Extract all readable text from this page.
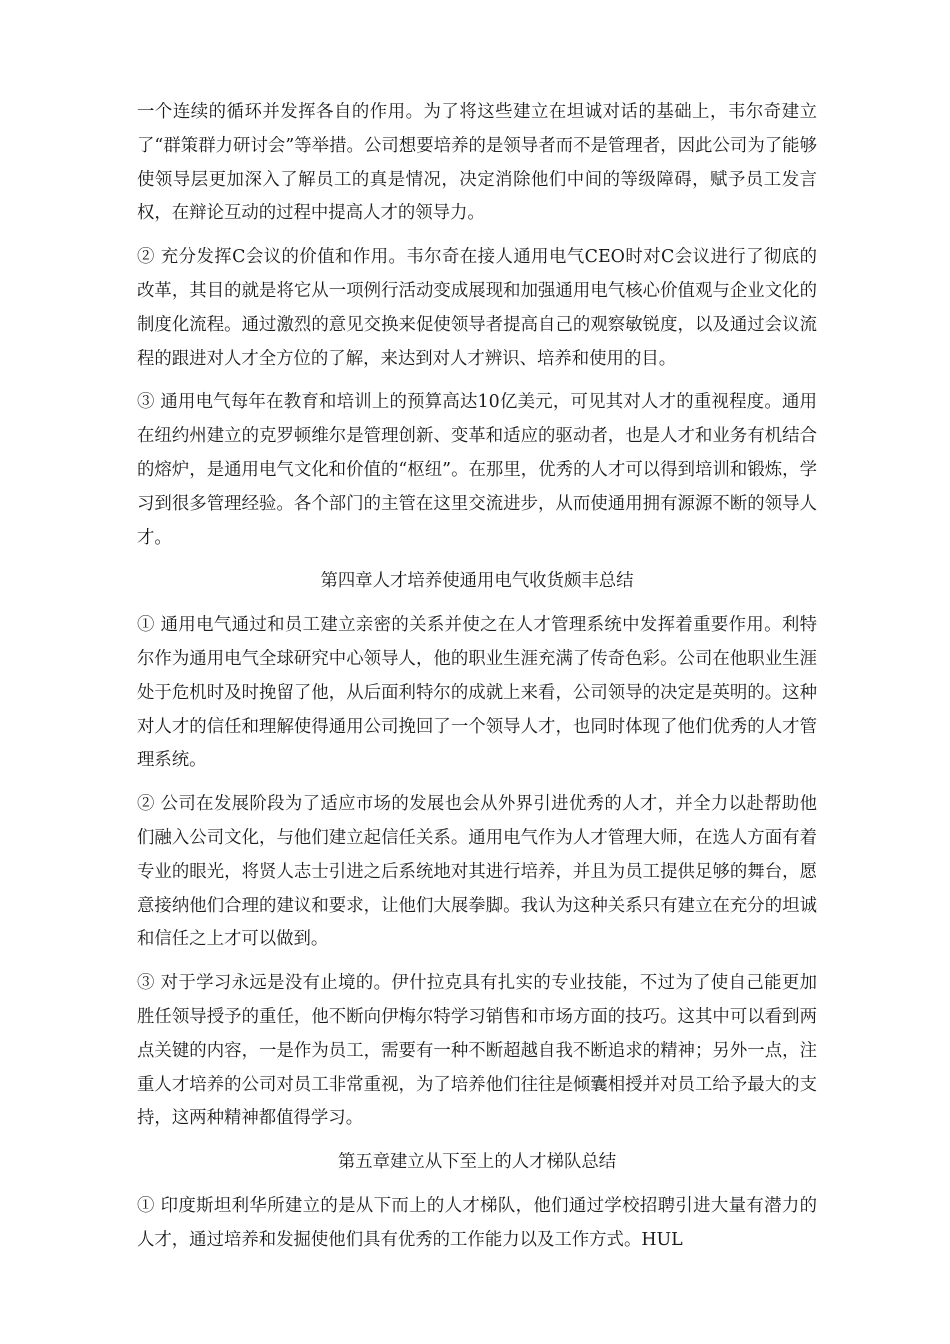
一个连续的循环并发挥各自的作用。为了将这些建立在坦诚对话的基础上，韦尔奇建立了“群策群力研讨会”等举措。公司想要培养的是领导者而不是管理者，因此公司为了能够使领导层更加深入了解员工的真是情况，决定消除他们中间的等级障碍，赋予员工发言权，在辩论互动的过程中提高人才的领导力。

② 充分发挥C会议的价值和作用。韦尔奇在接人通用电气CEO时对C会议进行了彻底的改革，其目的就是将它从一项例行活动变成展现和加强通用电气核心价值观与企业文化的制度化流程。通过激烈的意见交换来促使领导者提高自己的观察敏锐度，以及通过会议流程的跟进对人才全方位的了解，来达到对人才辨识、培养和使用的目。

③ 通用电气每年在教育和培训上的预算高达10亿美元，可见其对人才的重视程度。通用在纽约州建立的克罗顿维尔是管理创新、变革和适应的驱动者，也是人才和业务有机结合的熔炉，是通用电气文化和价值的“枢纽”。在那里，优秀的人才可以得到培训和锻炼，学习到很多管理经验。各个部门的主管在这里交流进步，从而使通用拥有源源不断的领导人才。

第四章人才培养使通用电气收货颇丰总结

① 通用电气通过和员工建立亲密的关系并使之在人才管理系统中发挥着重要作用。利特尔作为通用电气全球研究中心领导人，他的职业生涯充满了传奇色彩。公司在他职业生涯处于危机时及时挽留了他，从后面利特尔的成就上来看，公司领导的决定是英明的。这种对人才的信任和理解使得通用公司挽回了一个领导人才，也同时体现了他们优秀的人才管理系统。

② 公司在发展阶段为了适应市场的发展也会从外界引进优秀的人才，并全力以赴帮助他们融入公司文化，与他们建立起信任关系。通用电气作为人才管理大师，在选人方面有着专业的眼光，将贤人志士引进之后系统地对其进行培养，并且为员工提供足够的舞台，愿意接纳他们合理的建议和要求，让他们大展拳脚。我认为这种关系只有建立在充分的坦诚和信任之上才可以做到。

③ 对于学习永远是没有止境的。伊什拉克具有扎实的专业技能，不过为了使自己能更加胜任领导授予的重任，他不断向伊梅尔特学习销售和市场方面的技巧。这其中可以看到两点关键的内容，一是作为员工，需要有一种不断超越自我不断追求的精神；另外一点，注重人才培养的公司对员工非常重视，为了培养他们往往是倾囊相授并对员工给予最大的支持，这两种精神都值得学习。

第五章建立从下至上的人才梯队总结

① 印度斯坦利华所建立的是从下而上的人才梯队，他们通过学校招聘引进大量有潜力的人才，通过培养和发掘使他们具有优秀的工作能力以及工作方式。HUL
